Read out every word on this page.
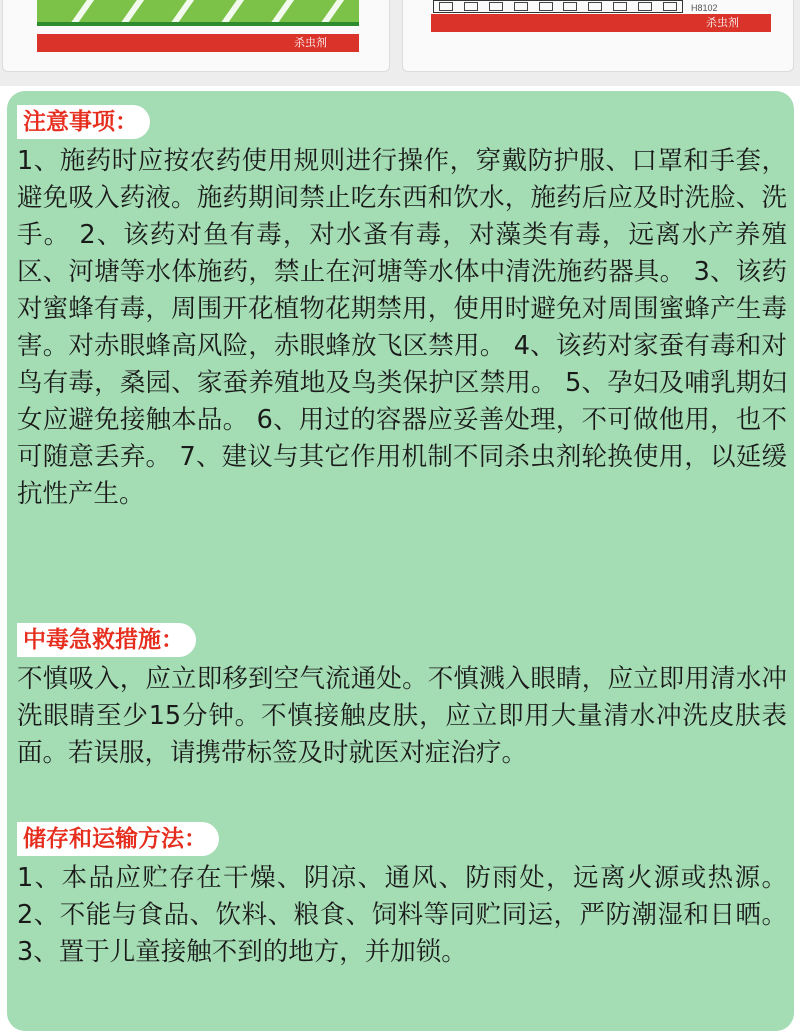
杀虫剂
H8102
杀虫剂
注意事项：
1、施药时应按农药使用规则进行操作，穿戴防护服、口罩和手套，避免吸入药液。施药期间禁止吃东西和饮水，施药后应及时洗脸、洗手。 2、该药对鱼有毒，对水蚤有毒，对藻类有毒，远离水产养殖区、河塘等水体施药，禁止在河塘等水体中清洗施药器具。 3、该药对蜜蜂有毒，周围开花植物花期禁用，使用时避免对周围蜜蜂产生毒害。对赤眼蜂高风险，赤眼蜂放飞区禁用。 4、该药对家蚕有毒和对鸟有毒，桑园、家蚕养殖地及鸟类保护区禁用。 5、孕妇及哺乳期妇女应避免接触本品。 6、用过的容器应妥善处理，不可做他用，也不可随意丢弃。 7、建议与其它作用机制不同杀虫剂轮换使用，以延缓抗性产生。
中毒急救措施：
不慎吸入，应立即移到空气流通处。不慎溅入眼睛，应立即用清水冲洗眼睛至少15分钟。不慎接触皮肤，应立即用大量清水冲洗皮肤表面。若误服，请携带标签及时就医对症治疗。
储存和运输方法：
1、本品应贮存在干燥、阴凉、通风、防雨处，远离火源或热源。 2、不能与食品、饮料、粮食、饲料等同贮同运，严防潮湿和日晒。 3、置于儿童接触不到的地方，并加锁。
